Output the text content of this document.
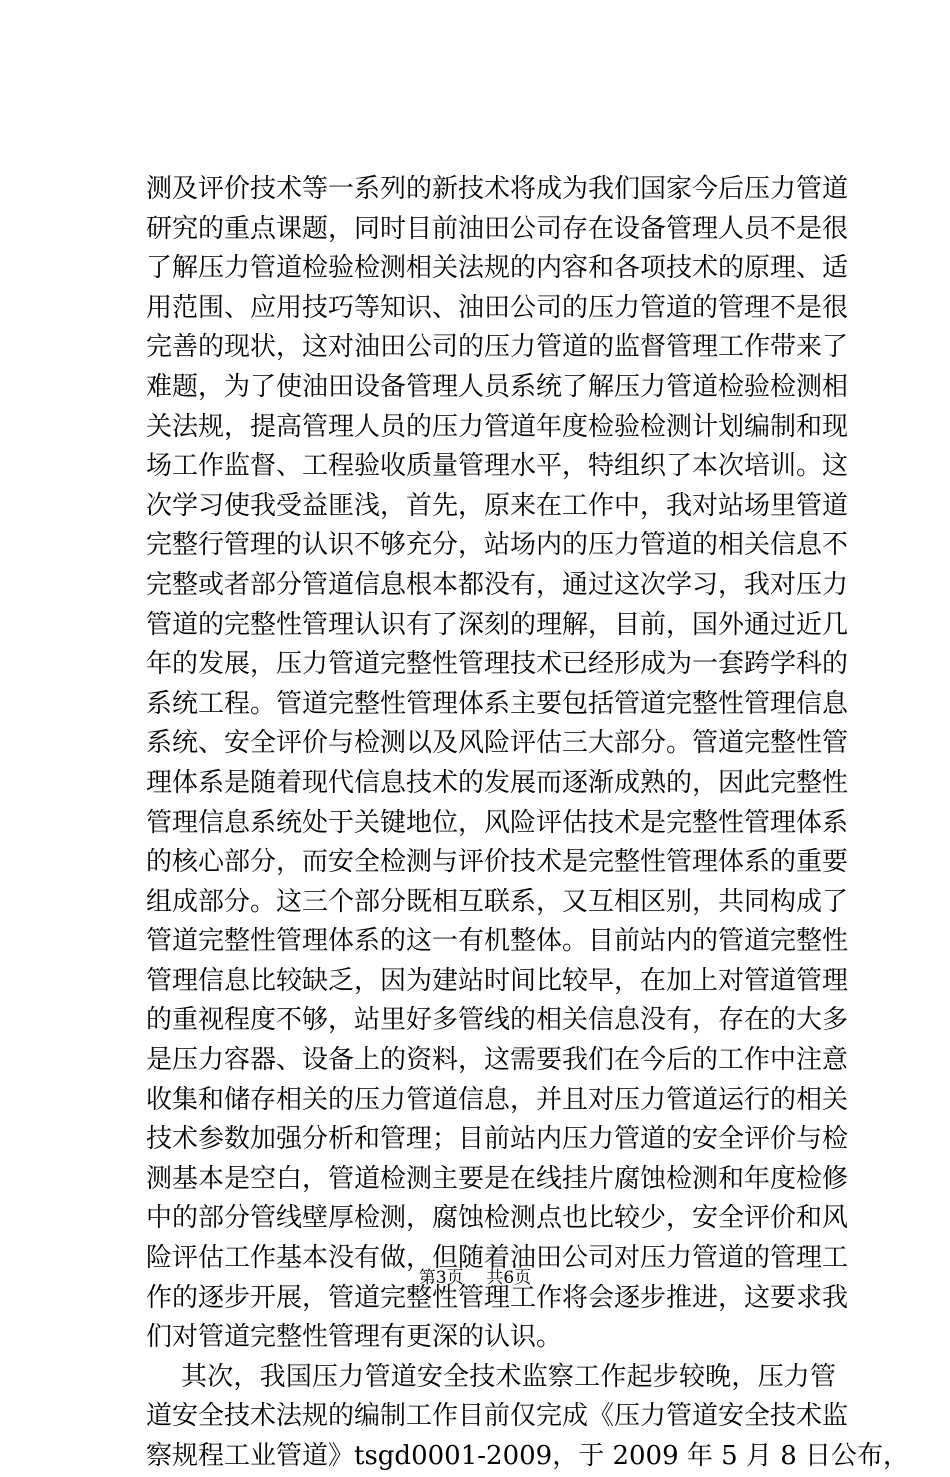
测及评价技术等一系列的新技术将成为我们国家今后压力管道
研究的重点课题，同时目前油田公司存在设备管理人员不是很
了解压力管道检验检测相关法规的内容和各项技术的原理、适
用范围、应用技巧等知识、油田公司的压力管道的管理不是很
完善的现状，这对油田公司的压力管道的监督管理工作带来了
难题，为了使油田设备管理人员系统了解压力管道检验检测相
关法规，提高管理人员的压力管道年度检验检测计划编制和现
场工作监督、工程验收质量管理水平，特组织了本次培训。这
次学习使我受益匪浅，首先，原来在工作中，我对站场里管道
完整行管理的认识不够充分，站场内的压力管道的相关信息不
完整或者部分管道信息根本都没有，通过这次学习，我对压力
管道的完整性管理认识有了深刻的理解，目前，国外通过近几
年的发展，压力管道完整性管理技术已经形成为一套跨学科的
系统工程。管道完整性管理体系主要包括管道完整性管理信息
系统、安全评价与检测以及风险评估三大部分。管道完整性管
理体系是随着现代信息技术的发展而逐渐成熟的，因此完整性
管理信息系统处于关键地位，风险评估技术是完整性管理体系
的核心部分，而安全检测与评价技术是完整性管理体系的重要
组成部分。这三个部分既相互联系，又互相区别，共同构成了
管道完整性管理体系的这一有机整体。目前站内的管道完整性
管理信息比较缺乏，因为建站时间比较早，在加上对管道管理
的重视程度不够，站里好多管线的相关信息没有，存在的大多
是压力容器、设备上的资料，这需要我们在今后的工作中注意
收集和储存相关的压力管道信息，并且对压力管道运行的相关
技术参数加强分析和管理；目前站内压力管道的安全评价与检
测基本是空白，管道检测主要是在线挂片腐蚀检测和年度检修
中的部分管线壁厚检测，腐蚀检测点也比较少，安全评价和风
险评估工作基本没有做，但随着油田公司对压力管道的管理工
作的逐步开展，管道完整性管理工作将会逐步推进，这要求我
们对管道完整性管理有更深的认识。
其次，我国压力管道安全技术监察工作起步较晚，压力管
道安全技术法规的编制工作目前仅完成《压力管道安全技术监
察规程工业管道》tsgd0001-2009，于 2009 年 5 月 8 日公布，
第3页 共6页
